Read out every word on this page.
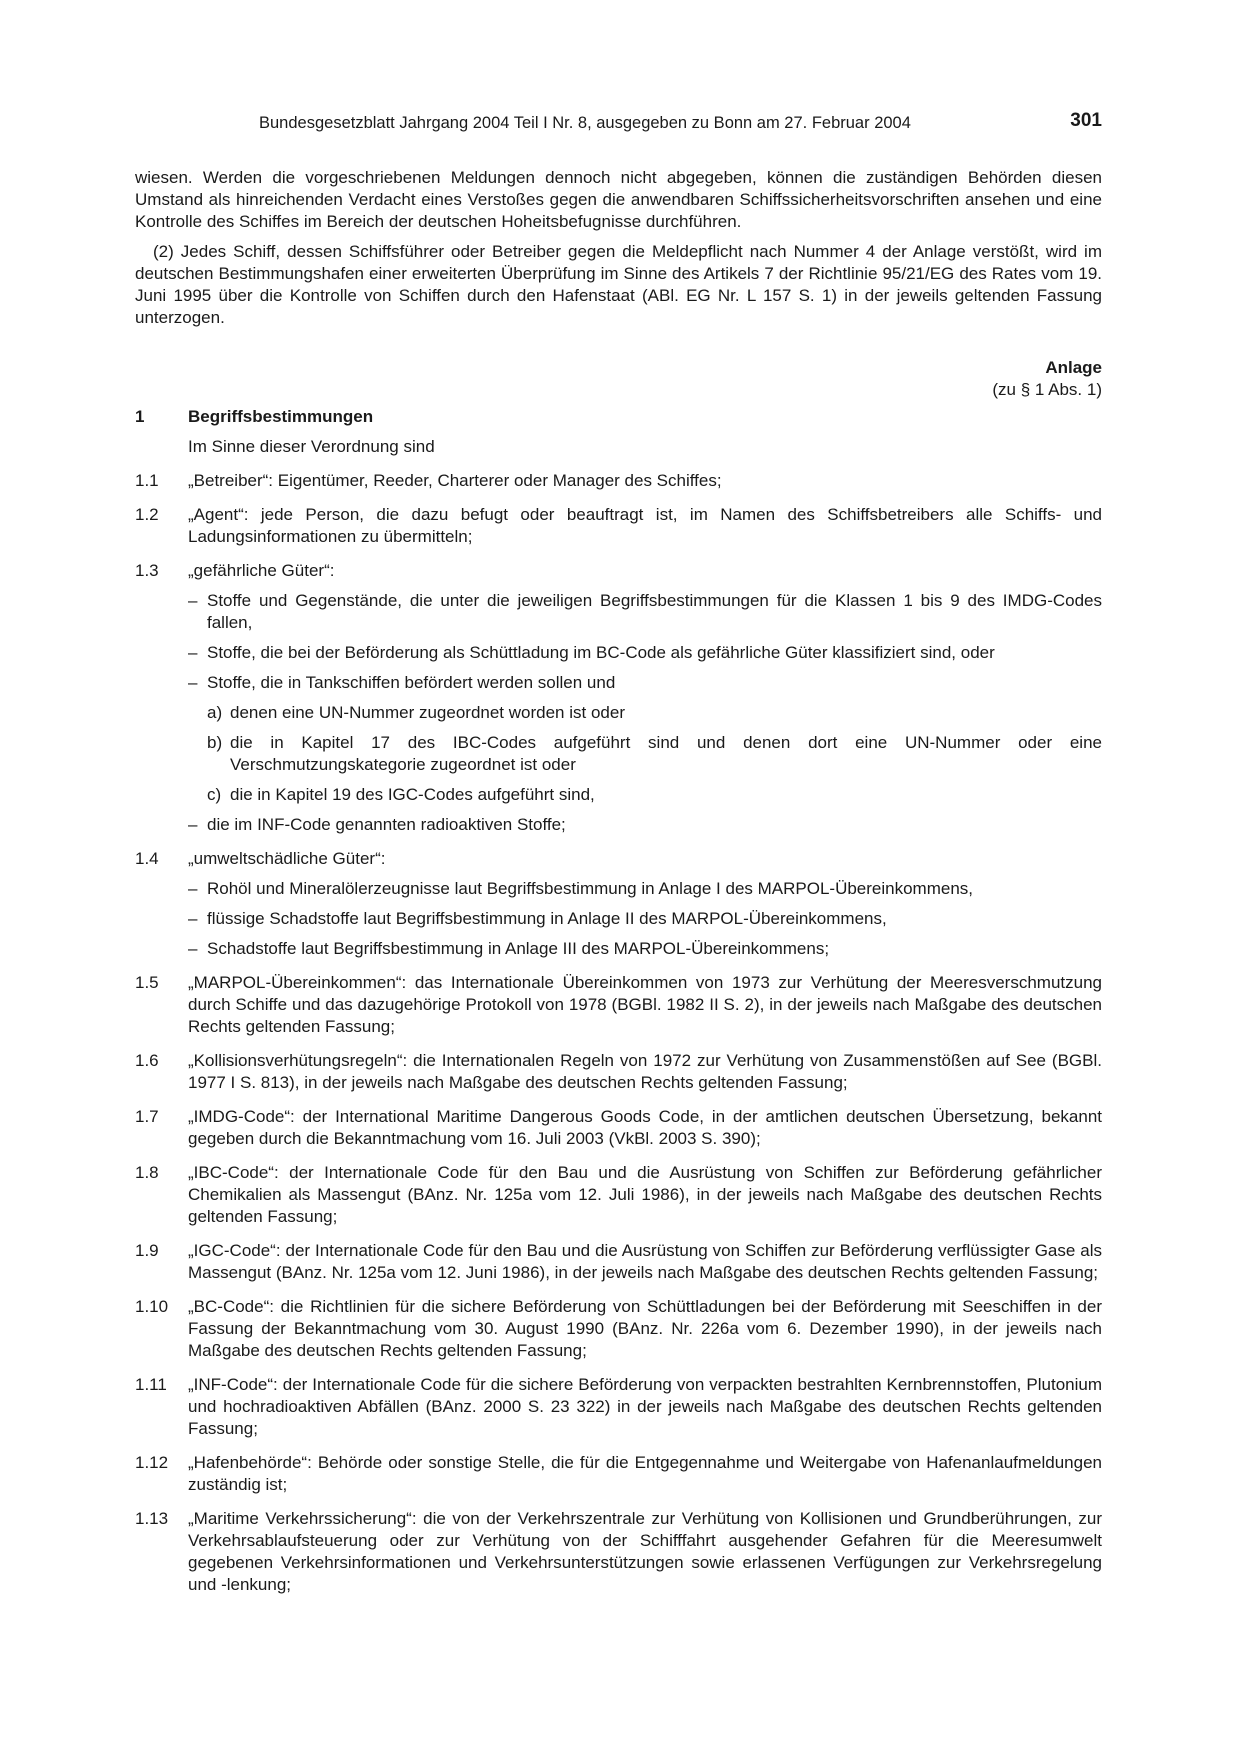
Bundesgesetzblatt Jahrgang 2004 Teil I Nr. 8, ausgegeben zu Bonn am 27. Februar 2004	301

wiesen. Werden die vorgeschriebenen Meldungen dennoch nicht abgegeben, können die zuständigen Behörden diesen Umstand als hinreichenden Verdacht eines Verstoßes gegen die anwendbaren Schiffssicherheitsvorschriften ansehen und eine Kontrolle des Schiffes im Bereich der deutschen Hoheitsbefugnisse durchführen.

(2) Jedes Schiff, dessen Schiffsführer oder Betreiber gegen die Meldepflicht nach Nummer 4 der Anlage verstößt, wird im deutschen Bestimmungshafen einer erweiterten Überprüfung im Sinne des Artikels 7 der Richtlinie 95/21/EG des Rates vom 19. Juni 1995 über die Kontrolle von Schiffen durch den Hafenstaat (ABl. EG Nr. L 157 S. 1) in der jeweils geltenden Fassung unterzogen.

Anlage
(zu § 1 Abs. 1)
1	Begriffsbestimmungen
Im Sinne dieser Verordnung sind
1.1	„Betreiber“: Eigentümer, Reeder, Charterer oder Manager des Schiffes;
1.2	„Agent“: jede Person, die dazu befugt oder beauftragt ist, im Namen des Schiffsbetreibers alle Schiffs- und Ladungsinformationen zu übermitteln;
1.3	„gefährliche Güter“:
– Stoffe und Gegenstände, die unter die jeweiligen Begriffsbestimmungen für die Klassen 1 bis 9 des IMDG-Codes fallen,
– Stoffe, die bei der Beförderung als Schüttladung im BC-Code als gefährliche Güter klassifiziert sind, oder
– Stoffe, die in Tankschiffen befördert werden sollen und
a) denen eine UN-Nummer zugeordnet worden ist oder
b) die in Kapitel 17 des IBC-Codes aufgeführt sind und denen dort eine UN-Nummer oder eine Verschmutzungskategorie zugeordnet ist oder
c) die in Kapitel 19 des IGC-Codes aufgeführt sind,
– die im INF-Code genannten radioaktiven Stoffe;
1.4	„umweltschädliche Güter“:
– Rohöl und Mineralölerzeugnisse laut Begriffsbestimmung in Anlage I des MARPOL-Übereinkommens,
– flüssige Schadstoffe laut Begriffsbestimmung in Anlage II des MARPOL-Übereinkommens,
– Schadstoffe laut Begriffsbestimmung in Anlage III des MARPOL-Übereinkommens;
1.5	„MARPOL-Übereinkommen“: das Internationale Übereinkommen von 1973 zur Verhütung der Meeresverschmutzung durch Schiffe und das dazugehörige Protokoll von 1978 (BGBl. 1982 II S. 2), in der jeweils nach Maßgabe des deutschen Rechts geltenden Fassung;
1.6	„Kollisionsverhütungsregeln“: die Internationalen Regeln von 1972 zur Verhütung von Zusammenstößen auf See (BGBl. 1977 I S. 813), in der jeweils nach Maßgabe des deutschen Rechts geltenden Fassung;
1.7	„IMDG-Code“: der International Maritime Dangerous Goods Code, in der amtlichen deutschen Übersetzung, bekannt gegeben durch die Bekanntmachung vom 16. Juli 2003 (VkBl. 2003 S. 390);
1.8	„IBC-Code“: der Internationale Code für den Bau und die Ausrüstung von Schiffen zur Beförderung gefährlicher Chemikalien als Massengut (BAnz. Nr. 125a vom 12. Juli 1986), in der jeweils nach Maßgabe des deutschen Rechts geltenden Fassung;
1.9	„IGC-Code“: der Internationale Code für den Bau und die Ausrüstung von Schiffen zur Beförderung verflüssigter Gase als Massengut (BAnz. Nr. 125a vom 12. Juni 1986), in der jeweils nach Maßgabe des deutschen Rechts geltenden Fassung;
1.10	„BC-Code“: die Richtlinien für die sichere Beförderung von Schüttladungen bei der Beförderung mit Seeschiffen in der Fassung der Bekanntmachung vom 30. August 1990 (BAnz. Nr. 226a vom 6. Dezember 1990), in der jeweils nach Maßgabe des deutschen Rechts geltenden Fassung;
1.11	„INF-Code“: der Internationale Code für die sichere Beförderung von verpackten bestrahlten Kernbrennstoffen, Plutonium und hochradioaktiven Abfällen (BAnz. 2000 S. 23 322) in der jeweils nach Maßgabe des deutschen Rechts geltenden Fassung;
1.12	„Hafenbehörde“: Behörde oder sonstige Stelle, die für die Entgegennahme und Weitergabe von Hafenanlaufmeldungen zuständig ist;
1.13	„Maritime Verkehrssicherung“: die von der Verkehrszentrale zur Verhütung von Kollisionen und Grundberührungen, zur Verkehrsablaufsteuerung oder zur Verhütung von der Schifffahrt ausgehender Gefahren für die Meeresumwelt gegebenen Verkehrsinformationen und Verkehrsunterstützungen sowie erlassenen Verfügungen zur Verkehrsregelung und -lenkung;
